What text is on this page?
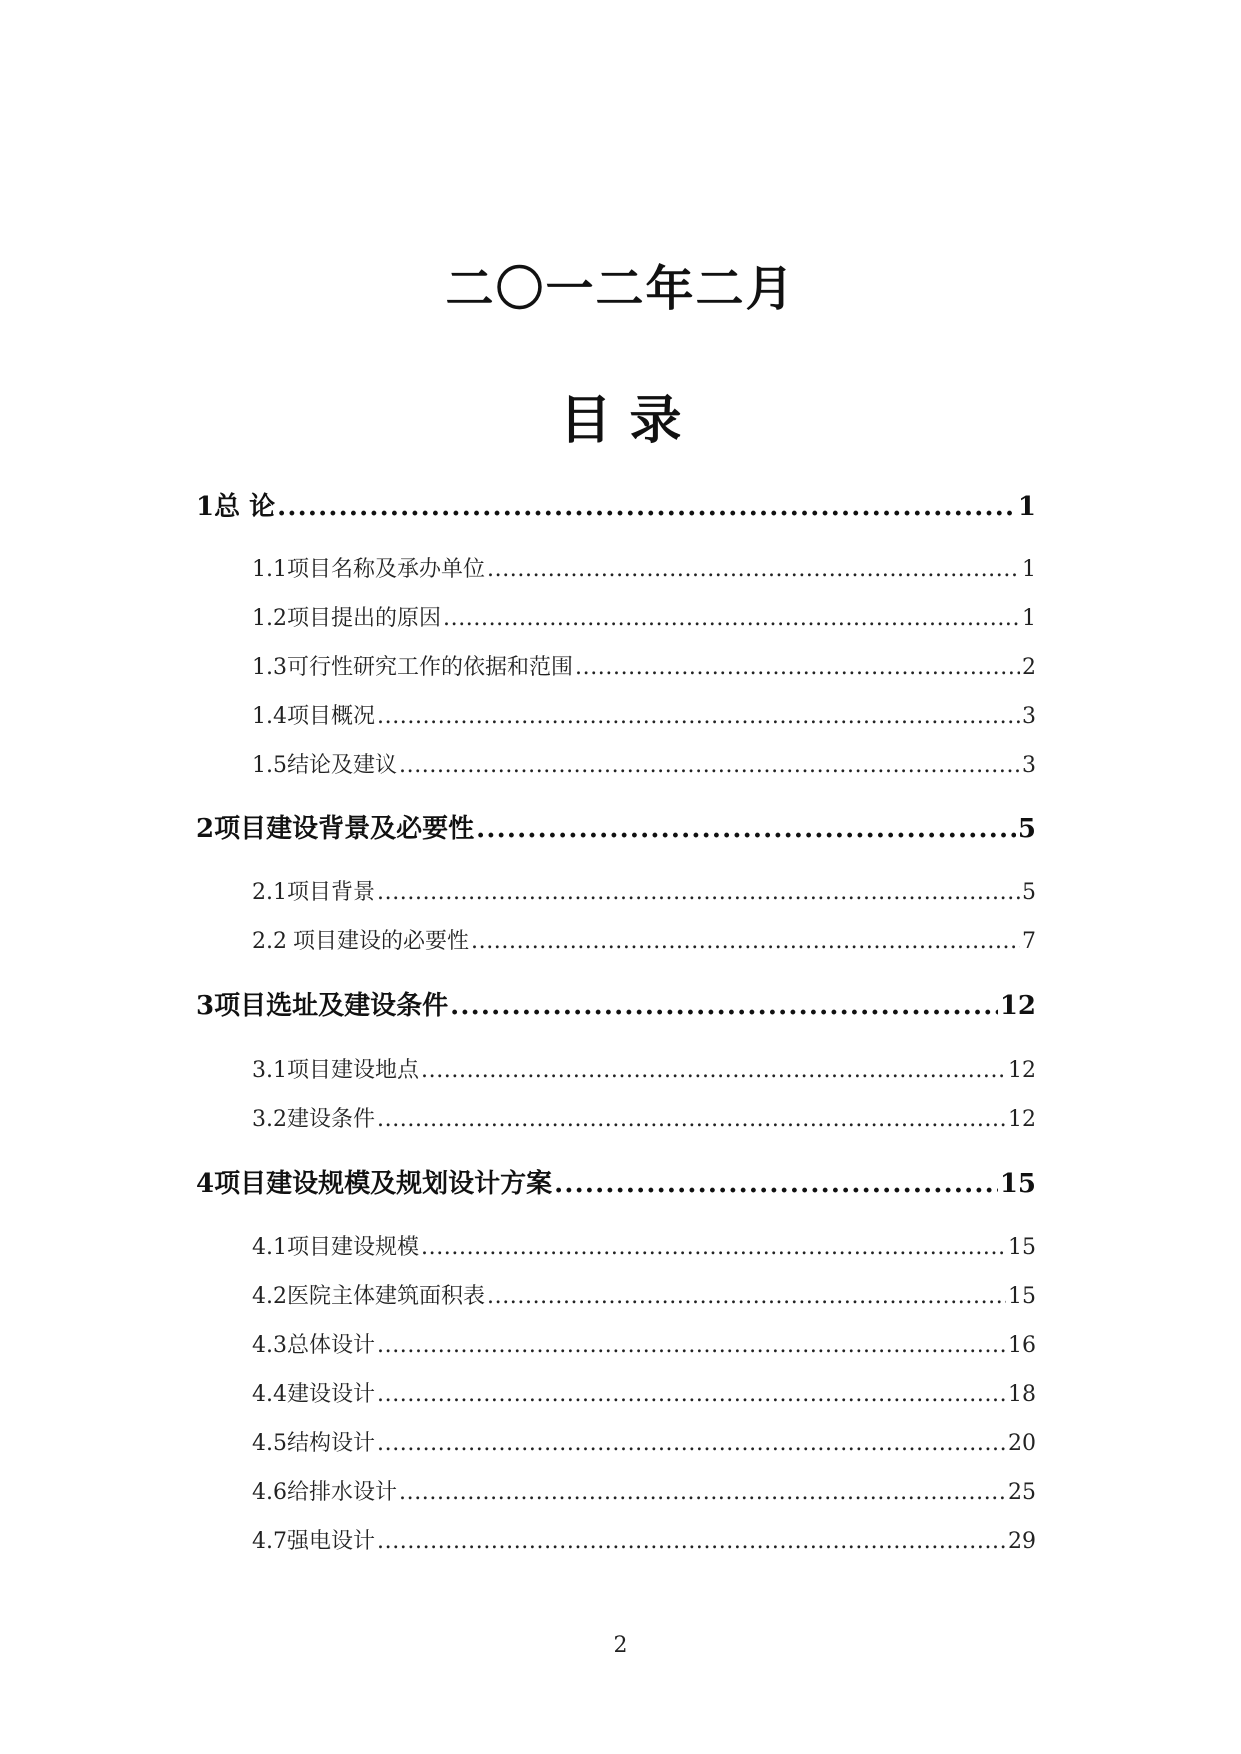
二〇一二年二月
目 录
1 总 论 .....	1
1.1 项目名称及承办单位 .....	1
1.2 项目提出的原因 .....	1
1.3 可行性研究工作的依据和范围 .....	2
1.4 项目概况 .....	3
1.5 结论及建议 .....	3
2 项目建设背景及必要性 .....	5
2.1 项目背景 .....	5
2.2 项目建设的必要性 .....	7
3 项目选址及建设条件 .....	12
3.1 项目建设地点 .....	12
3.2 建设条件 .....	12
4 项目建设规模及规划设计方案 .....	15
4.1 项目建设规模 .....	15
4.2 医院主体建筑面积表 .....	15
4.3 总体设计 .....	16
4.4 建设设计 .....	18
4.5 结构设计 .....	20
4.6 给排水设计 .....	25
4.7 强电设计 .....	29
2
